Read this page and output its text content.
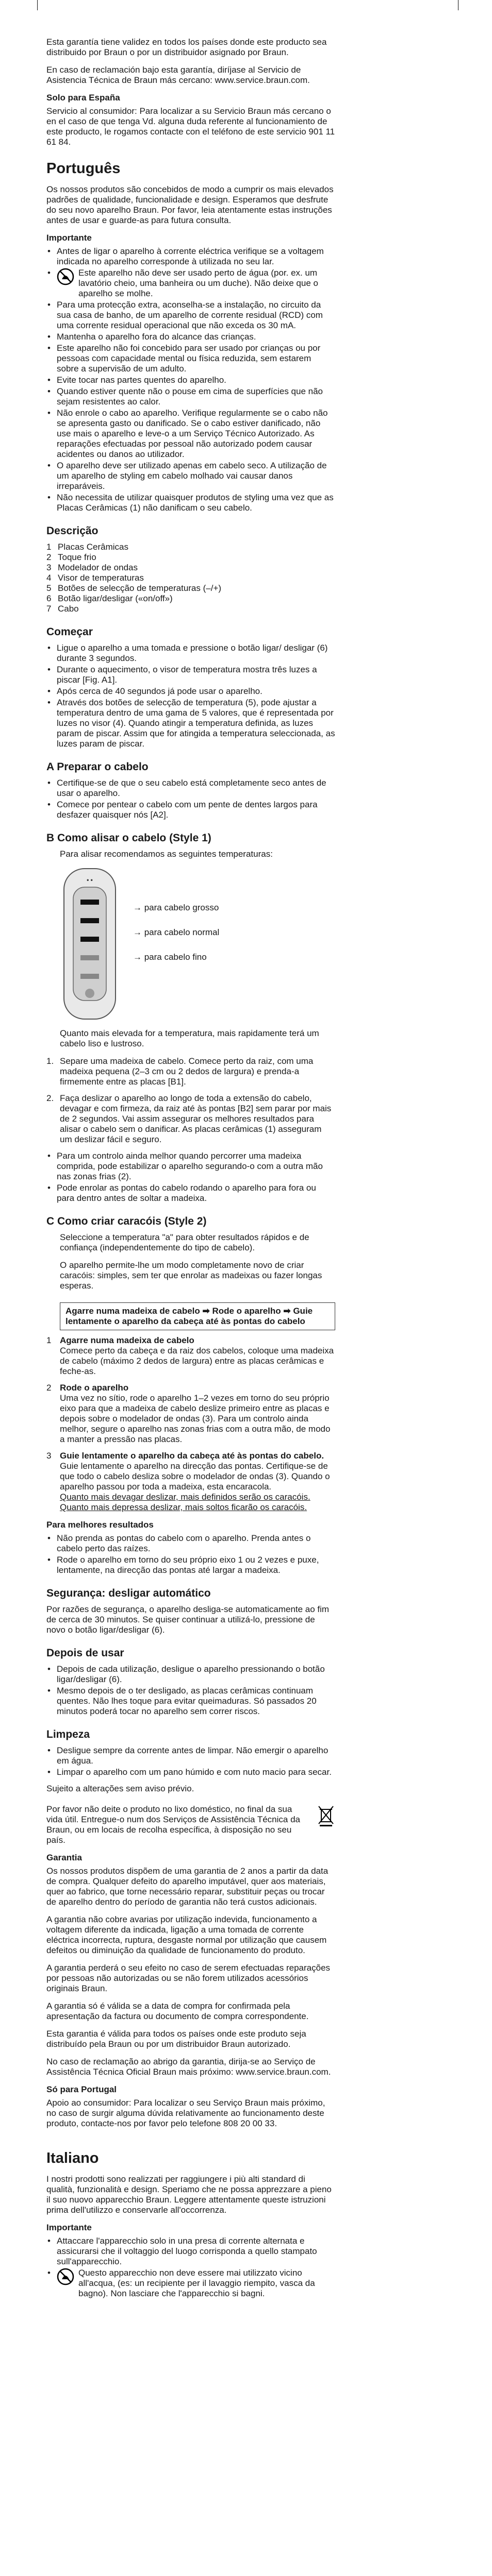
Esta garantía tiene validez en todos los países donde este producto sea distribuido por Braun o por un distribuidor asignado por Braun.

En caso de reclamación bajo esta garantía, diríjase al Servicio de Asistencia Técnica de Braun más cercano: www.service.braun.com.

Solo para España

Servicio al consumidor: Para localizar a su Servicio Braun más cercano o en el caso de que tenga Vd. alguna duda referente al funcionamiento de este producto, le rogamos contacte con el teléfono de este servicio 901 11 61 84.

Português

Os nossos produtos são concebidos de modo a cumprir os mais elevados padrões de qualidade, funcionalidade e design. Esperamos que desfrute do seu novo aparelho Braun. Por favor, leia atentamente estas instruções antes de usar e guarde-as para futura consulta.

Importante
• Antes de ligar o aparelho à corrente eléctrica verifique se a voltagem indicada no aparelho corresponde à utilizada no seu lar.
• Este aparelho não deve ser usado perto de água (por. ex. um lavatório cheio, uma banheira ou um duche). Não deixe que o aparelho se molhe.
• Para uma protecção extra, aconselha-se a instalação, no circuito da sua casa de banho, de um aparelho de corrente residual (RCD) com uma corrente residual operacional que não exceda os 30 mA.
• Mantenha o aparelho fora do alcance das crianças.
• Este aparelho não foi concebido para ser usado por crianças ou por pessoas com capacidade mental ou física reduzida, sem estarem sobre a supervisão de um adulto.
• Evite tocar nas partes quentes do aparelho.
• Quando estiver quente não o pouse em cima de superfícies que não sejam resistentes ao calor.
• Não enrole o cabo ao aparelho. Verifique regularmente se o cabo não se apresenta gasto ou danificado. Se o cabo estiver danificado, não use mais o aparelho e leve-o a um Serviço Técnico Autorizado. As reparações efectuadas por pessoal não autorizado podem causar acidentes ou danos ao utilizador.
• O aparelho deve ser utilizado apenas em cabelo seco. A utilização de um aparelho de styling em cabelo molhado vai causar danos irreparáveis.
• Não necessita de utilizar quaisquer produtos de styling uma vez que as Placas Cerâmicas (1) não danificam o seu cabelo.
Descrição
1 Placas Cerâmicas
2 Toque frio
3 Modelador de ondas
4 Visor de temperaturas
5 Botões de selecção de temperaturas (–/+)
6 Botão ligar/desligar («on/off»)
7 Cabo
Começar
• Ligue o aparelho a uma tomada e pressione o botão ligar/ desligar (6) durante 3 segundos.
• Durante o aquecimento, o visor de temperatura mostra três luzes a piscar [Fig. A1].
• Após cerca de 40 segundos já pode usar o aparelho.
• Através dos botões de selecção de temperatura (5), pode ajustar a temperatura dentro de uma gama de 5 valores, que é representada por luzes no visor (4). Quando atingir a temperatura definida, as luzes param de piscar. Assim que for atingida a temperatura seleccionada, as luzes param de piscar.
A Preparar o cabelo
• Certifique-se de que o seu cabelo está completamente seco antes de usar o aparelho.
• Comece por pentear o cabelo com um pente de dentes largos para desfazer quaisquer nós [A2].
B Como alisar o cabelo (Style 1)

Para alisar recomendamos as seguintes temperaturas:

• •
→ para cabelo grosso
→ para cabelo normal
→ para cabelo fino

Quanto mais elevada for a temperatura, mais rapidamente terá um cabelo liso e lustroso.

1. Separe uma madeixa de cabelo. Comece perto da raiz, com uma madeixa pequena (2–3 cm ou 2 dedos de largura) e prenda-a firmemente entre as placas [B1].
2. Faça deslizar o aparelho ao longo de toda a extensão do cabelo, devagar e com firmeza, da raiz até às pontas [B2] sem parar por mais de 2 segundos. Vai assim assegurar os melhores resultados para alisar o cabelo sem o danificar. As placas cerâmicas (1) asseguram um deslizar fácil e seguro.
• Para um controlo ainda melhor quando percorrer uma madeixa comprida, pode estabilizar o aparelho segurando-o com a outra mão nas zonas frias (2).
• Pode enrolar as pontas do cabelo rodando o aparelho para fora ou para dentro antes de soltar a madeixa.
C Como criar caracóis (Style 2)

Seleccione a temperatura "a" para obter resultados rápidos e de confiança (independentemente do tipo de cabelo).

O aparelho permite-lhe um modo completamente novo de criar caracóis: simples, sem ter que enrolar as madeixas ou fazer longas esperas.

Agarre numa madeixa de cabelo ➡ Rode o aparelho ➡ Guie lentamente o aparelho da cabeça até às pontas do cabelo
1 Agarre numa madeixa de cabelo
Comece perto da cabeça e da raiz dos cabelos, coloque uma madeixa de cabelo (máximo 2 dedos de largura) entre as placas cerâmicas e feche-as.
2 Rode o aparelho
Uma vez no sítio, rode o aparelho 1–2 vezes em torno do seu próprio eixo para que a madeixa de cabelo deslize primeiro entre as placas e depois sobre o modelador de ondas (3). Para um controlo ainda melhor, segure o aparelho nas zonas frias com a outra mão, de modo a manter a pressão nas placas.
3 Guie lentamente o aparelho da cabeça até às pontas do cabelo.
Guie lentamente o aparelho na direcção das pontas. Certifique-se de que todo o cabelo desliza sobre o modelador de ondas (3). Quando o aparelho passou por toda a madeixa, esta encaracola.
Quanto mais devagar deslizar, mais definidos serão os caracóis. Quanto mais depressa deslizar, mais soltos ficarão os caracóis.
Para melhores resultados
• Não prenda as pontas do cabelo com o aparelho. Prenda antes o cabelo perto das raízes.
• Rode o aparelho em torno do seu próprio eixo 1 ou 2 vezes e puxe, lentamente, na direcção das pontas até largar a madeixa.
Segurança: desligar automático

Por razões de segurança, o aparelho desliga-se automaticamente ao fim de cerca de 30 minutos. Se quiser continuar a utilizá-lo, pressione de novo o botão ligar/desligar (6).

Depois de usar
• Depois de cada utilização, desligue o aparelho pressionando o botão ligar/desligar (6).
• Mesmo depois de o ter desligado, as placas cerâmicas continuam quentes. Não lhes toque para evitar queimaduras. Só passados 20 minutos poderá tocar no aparelho sem correr riscos.
Limpeza
• Desligue sempre da corrente antes de limpar. Não emergir o aparelho em água.
• Limpar o aparelho com um pano húmido e com nuto macio para secar.

Sujeito a alterações sem aviso prévio.

Por favor não deite o produto no lixo doméstico, no final da sua vida útil. Entregue-o num dos Serviços de Assistência Técnica da Braun, ou em locais de recolha específica, à disposição no seu país.

Garantia

Os nossos produtos dispõem de uma garantia de 2 anos a partir da data de compra. Qualquer defeito do aparelho imputável, quer aos materiais, quer ao fabrico, que torne necessário reparar, substituir peças ou trocar de aparelho dentro do período de garantia não terá custos adicionais.

A garantia não cobre avarias por utilização indevida, funcionamento a voltagem diferente da indicada, ligação a uma tomada de corrente eléctrica incorrecta, ruptura, desgaste normal por utilização que causem defeitos ou diminuição da qualidade de funcionamento do produto.

A garantia perderá o seu efeito no caso de serem efectuadas reparações por pessoas não autorizadas ou se não forem utilizados acessórios originais Braun.

A garantia só é válida se a data de compra for confirmada pela apresentação da factura ou documento de compra correspondente.

Esta garantia é válida para todos os países onde este produto seja distribuído pela Braun ou por um distribuidor Braun autorizado.

No caso de reclamação ao abrigo da garantia, dirija-se ao Serviço de Assistência Técnica Oficial Braun mais próximo: www.service.braun.com.

Só para Portugal

Apoio ao consumidor: Para localizar o seu Serviço Braun mais próximo, no caso de surgir alguma dúvida relativamente ao funcionamento deste produto, contacte-nos por favor pelo telefone 808 20 00 33.

Italiano

I nostri prodotti sono realizzati per raggiungere i più alti standard di qualità, funzionalità e design. Speriamo che ne possa apprezzare a pieno il suo nuovo apparecchio Braun. Leggere attentamente queste istruzioni prima dell'utilizzo e conservarle all'occorrenza.

Importante
• Attaccare l'apparecchio solo in una presa di corrente alternata e assicurarsi che il voltaggio del luogo corrisponda a quello stampato sull'apparecchio.
• Questo apparecchio non deve essere mai utilizzato vicino all'acqua, (es: un recipiente per il lavaggio riempito, vasca da bagno). Non lasciare che l'apparecchio si bagni.
